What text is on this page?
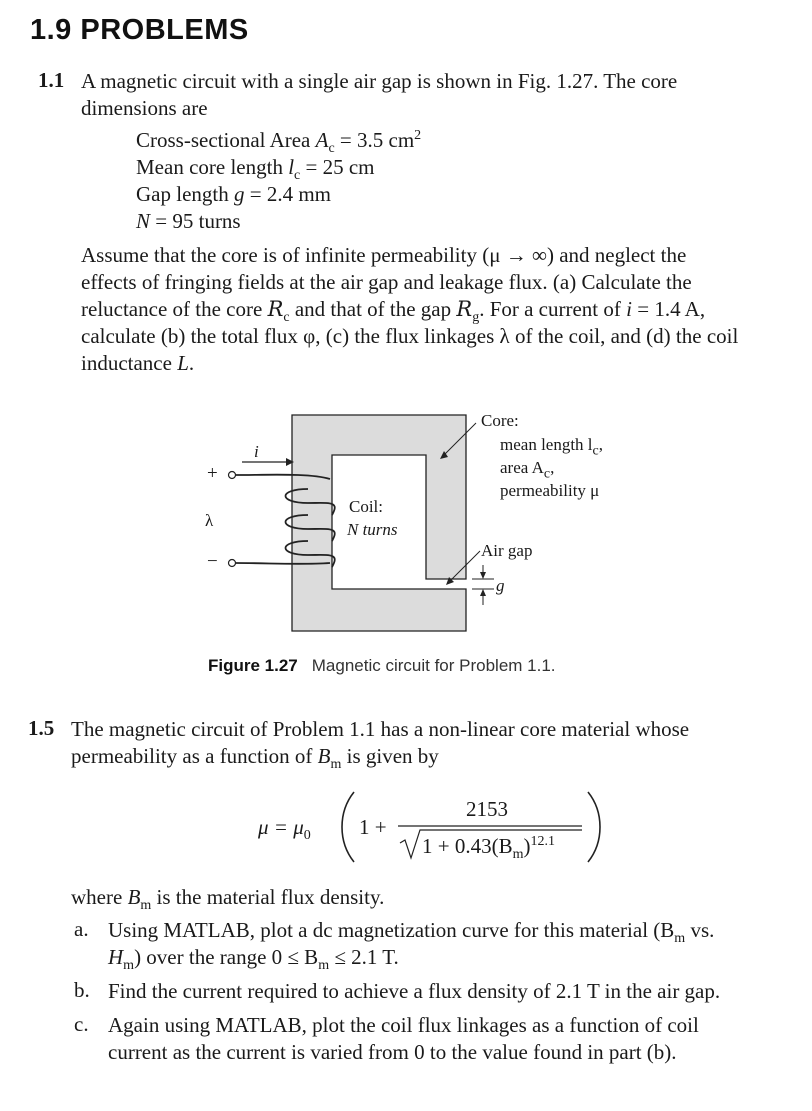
1.9 PROBLEMS
1.1 A magnetic circuit with a single air gap is shown in Fig. 1.27. The core
dimensions are
Cross-sectional Area $A_c = 3.5$ $cm^2$
Mean core length $l_c = 25$ cm
Gap length g = 2.4 mm
N = 95 turns
Assume that the core is of infinite permeability (μ → ∞) and neglect the
effects of fringing fields at the air gap and leakage flux. (a) Calculate the
reluctance of the core $R_c$ and that of the gap $R_g$. For a current of i = 1.4 A,
calculate (b) the total flux φ, (c) the flux linkages λ of the coil, and (d) the coil
inductance L.
i
+
λ
−
Coil:
N turns
Core:
mean length $l_c$,
area $A_c$,
permeability μ
Air gap
g
Figure 1.27 Magnetic circuit for Problem 1.1.
1.5 The magnetic circuit of Problem 1.1 has a non-linear core material whose
permeability as a function of $B_m$ is given by
$\mu = \mu_0$ 1 +
2153
$1 + 0.43(B_m)^{12.1}$
where $B_m$ is the material flux density.
a. Using MATLAB, plot a dc magnetization curve for this material ($B_m$ vs.
$H_m$) over the range $0 \le B_m \le 2.1$ T.
b. Find the current required to achieve a flux density of 2.1 T in the air gap.
c. Again using MATLAB, plot the coil flux linkages as a function of coil
current as the current is varied from 0 to the value found in part (b).
